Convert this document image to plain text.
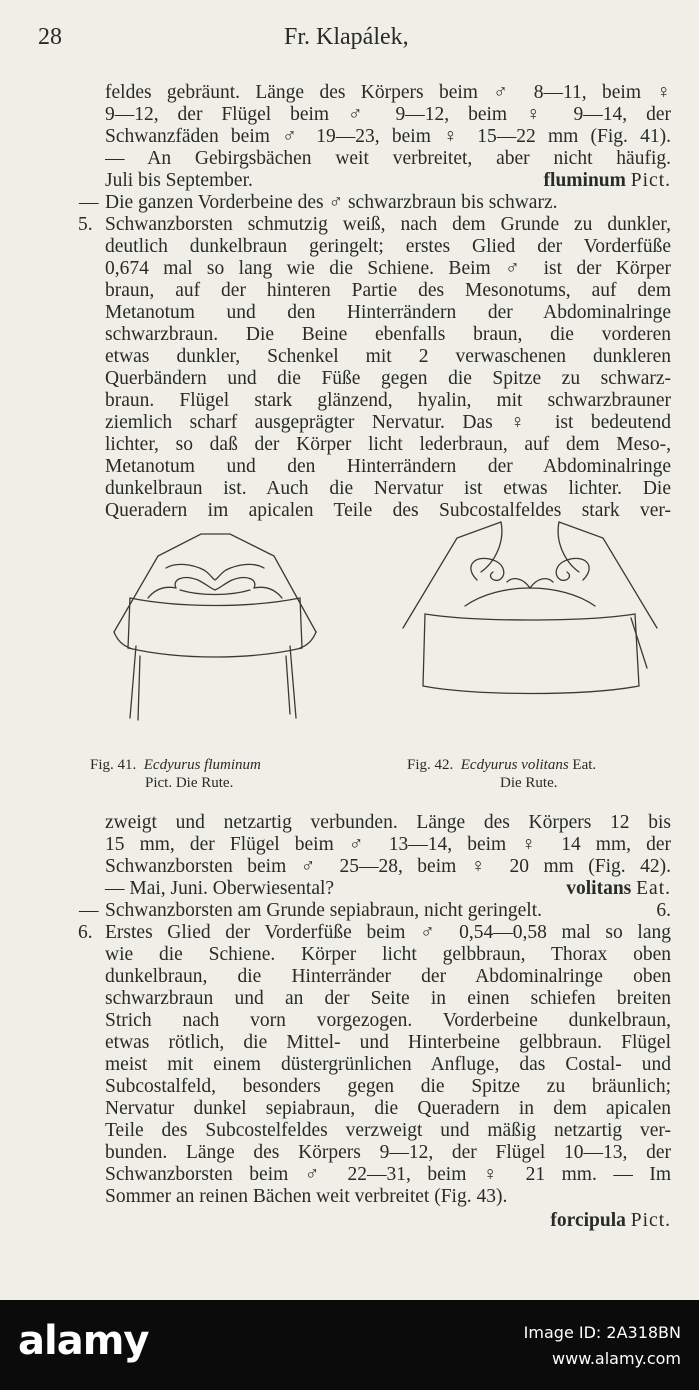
28	Fr. Klapálek,
feldes gebräunt. Länge des Körpers beim ♂ 8—11, beim ♀
9—12, der Flügel beim ♂ 9—12, beim ♀ 9—14, der
Schwanzfäden beim ♂ 19—23, beim ♀ 15—22 mm (Fig. 41).
— An Gebirgsbächen weit verbreitet, aber nicht häufig.
Juli bis September.	fluminum Pict.
— Die ganzen Vorderbeine des ♂ schwarzbraun bis schwarz.
5. Schwanzborsten schmutzig weiß, nach dem Grunde zu dunkler,
deutlich dunkelbraun geringelt; erstes Glied der Vorderfüße
0,674 mal so lang wie die Schiene. Beim ♂ ist der Körper
braun, auf der hinteren Partie des Mesonotums, auf dem
Metanotum und den Hinterrändern der Abdominalringe
schwarzbraun. Die Beine ebenfalls braun, die vorderen
etwas dunkler, Schenkel mit 2 verwaschenen dunkleren
Querbändern und die Füße gegen die Spitze zu schwarz-
braun. Flügel stark glänzend, hyalin, mit schwarzbrauner
ziemlich scharf ausgeprägter Nervatur. Das ♀ ist bedeutend
lichter, so daß der Körper licht lederbraun, auf dem Meso-,
Metanotum und den Hinterrändern der Abdominalringe
dunkelbraun ist. Auch die Nervatur ist etwas lichter. Die
Queradern im apicalen Teile des Subcostalfeldes stark ver-
Fig. 41. Ecdyurus fluminum
Pict. Die Rute.
Fig. 42. Ecdyurus volitans Eat.
Die Rute.
zweigt und netzartig verbunden. Länge des Körpers 12 bis
15 mm, der Flügel beim ♂ 13—14, beim ♀ 14 mm, der
Schwanzborsten beim ♂ 25—28, beim ♀ 20 mm (Fig. 42).
— Mai, Juni. Oberwiesental?	volitans Eat.
— Schwanzborsten am Grunde sepiabraun, nicht geringelt.	6.
6. Erstes Glied der Vorderfüße beim ♂ 0,54—0,58 mal so lang
wie die Schiene. Körper licht gelbbraun, Thorax oben
dunkelbraun, die Hinterränder der Abdominalringe oben
schwarzbraun und an der Seite in einen schiefen breiten
Strich nach vorn vorgezogen. Vorderbeine dunkelbraun,
etwas rötlich, die Mittel- und Hinterbeine gelbbraun. Flügel
meist mit einem düstergrünlichen Anfluge, das Costal- und
Subcostalfeld, besonders gegen die Spitze zu bräunlich;
Nervatur dunkel sepiabraun, die Queradern in dem apicalen
Teile des Subcostelfeldes verzweigt und mäßig netzartig ver-
bunden. Länge des Körpers 9—12, der Flügel 10—13, der
Schwanzborsten beim ♂ 22—31, beim ♀ 21 mm. — Im
Sommer an reinen Bächen weit verbreitet (Fig. 43).
forcipula Pict.
alamy	Image ID: 2A318BN
www.alamy.com
